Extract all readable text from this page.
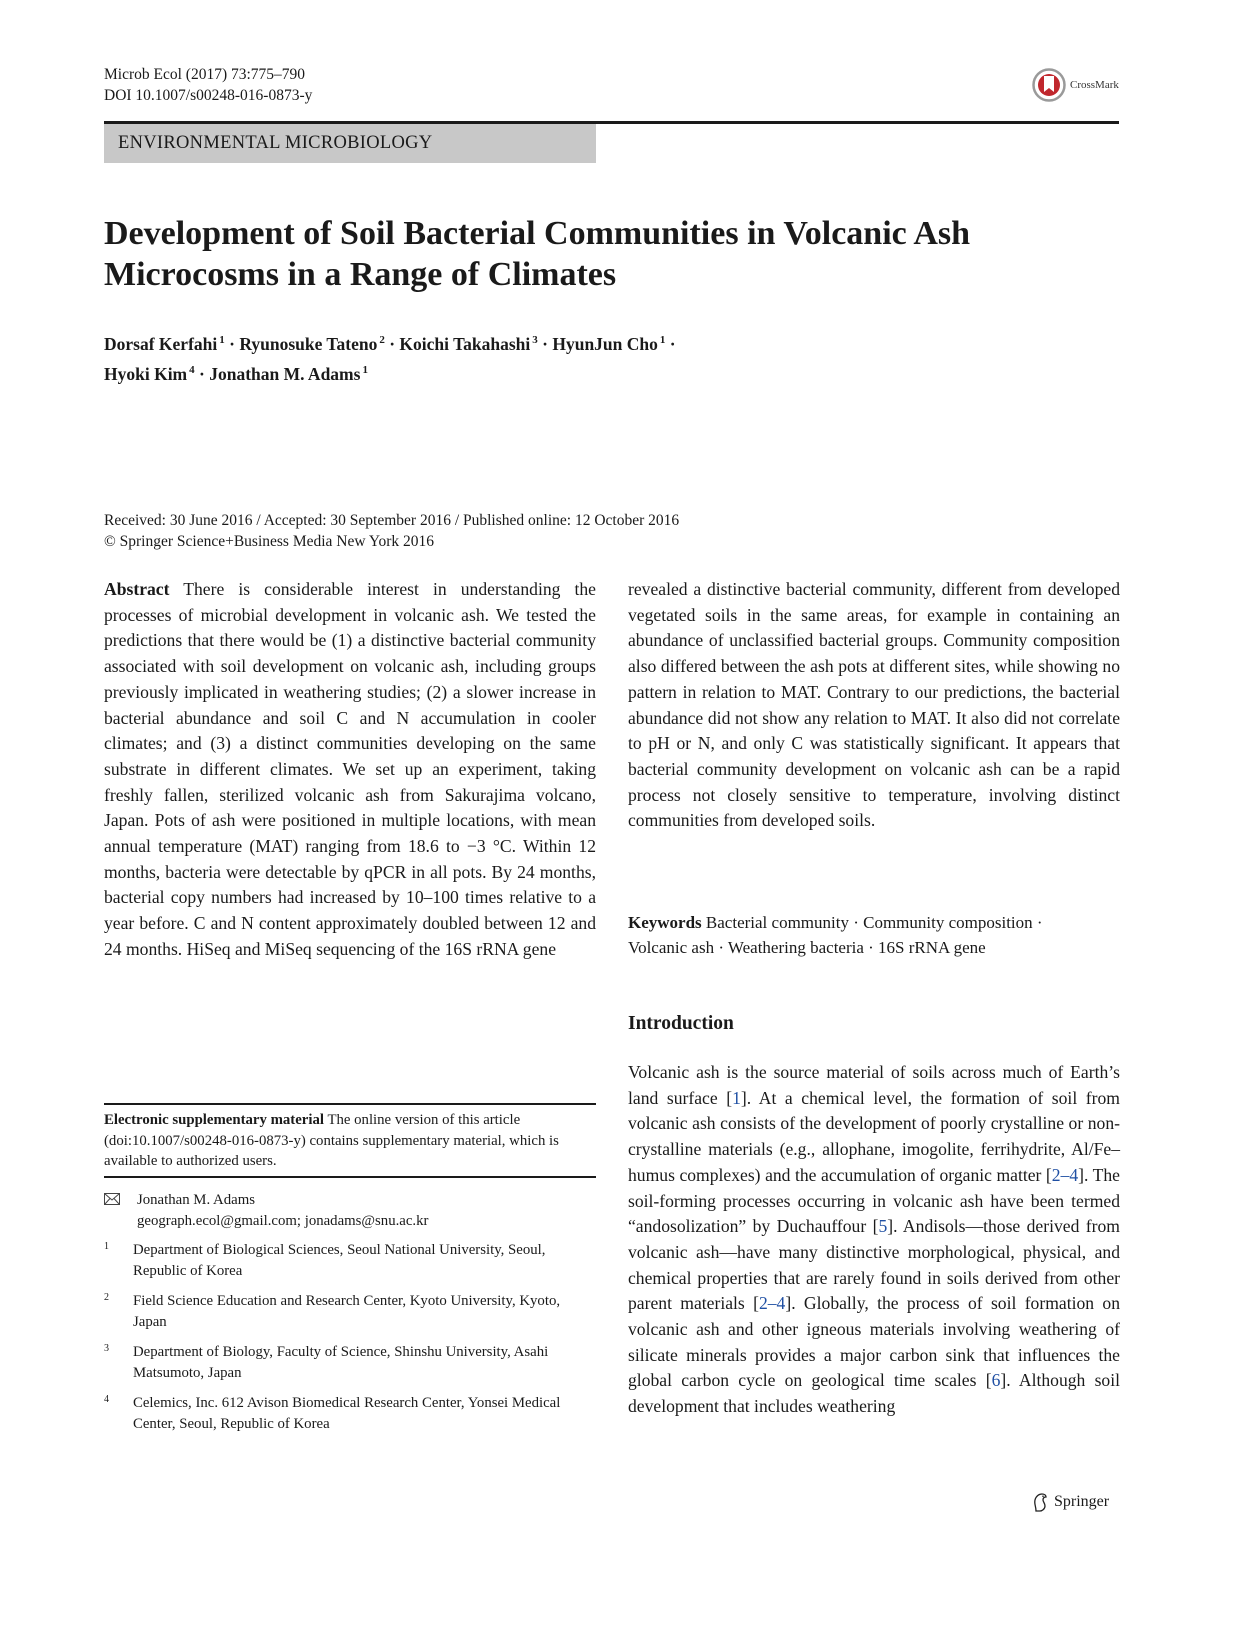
Microb Ecol (2017) 73:775–790
DOI 10.1007/s00248-016-0873-y
CrossMark
ENVIRONMENTAL MICROBIOLOGY
Development of Soil Bacterial Communities in Volcanic Ash
Microcosms in a Range of Climates
Dorsaf Kerfahi $^1$ · Ryunosuke Tateno $^2$ · Koichi Takahashi $^3$ · HyunJun Cho $^1$ ·
Hyoki Kim $^4$ · Jonathan M. Adams $^1$
Received: 30 June 2016 / Accepted: 30 September 2016 / Published online: 12 October 2016
© Springer Science+Business Media New York 2016
Abstract There is considerable interest in understanding the processes of microbial development in volcanic ash. We tested the predictions that there would be (1) a distinctive bacterial community associated with soil development on volcanic ash, including groups previously implicated in weathering studies; (2) a slower increase in bacterial abundance and soil C and N accumulation in cooler climates; and (3) a distinct communities developing on the same substrate in different climates. We set up an experiment, taking freshly fallen, sterilized volcanic ash from Sakurajima volcano, Japan. Pots of ash were positioned in multiple locations, with mean annual temperature (MAT) ranging from 18.6 to −3 °C. Within 12 months, bacteria were detectable by qPCR in all pots. By 24 months, bacterial copy numbers had increased by 10–100 times relative to a year before. C and N content approximately doubled between 12 and 24 months. HiSeq and MiSeq sequencing of the 16S rRNA gene
revealed a distinctive bacterial community, different from developed vegetated soils in the same areas, for example in containing an abundance of unclassified bacterial groups. Community composition also differed between the ash pots at different sites, while showing no pattern in relation to MAT. Contrary to our predictions, the bacterial abundance did not show any relation to MAT. It also did not correlate to pH or N, and only C was statistically significant. It appears that bacterial community development on volcanic ash can be a rapid process not closely sensitive to temperature, involving distinct communities from developed soils.
Keywords Bacterial community · Community composition ·
Volcanic ash · Weathering bacteria · 16S rRNA gene
Introduction
Volcanic ash is the source material of soils across much of Earth’s land surface [1]. At a chemical level, the formation of soil from volcanic ash consists of the development of poorly crystalline or non-crystalline materials (e.g., allophane, imogolite, ferrihydrite, Al/Fe–humus complexes) and the accumulation of organic matter [2–4]. The soil-forming processes occurring in volcanic ash have been termed “andosolization” by Duchauffour [5]. Andisols—those derived from volcanic ash—have many distinctive morphological, physical, and chemical properties that are rarely found in soils derived from other parent materials [2–4]. Globally, the process of soil formation on volcanic ash and other igneous materials involving weathering of silicate minerals provides a major carbon sink that influences the global carbon cycle on geological time scales [6]. Although soil development that includes weathering
Electronic supplementary material The online version of this article (doi:10.1007/s00248-016-0873-y) contains supplementary material, which is available to authorized users.
Jonathan M. Adams
geograph.ecol@gmail.com; jonadams@snu.ac.kr
1 Department of Biological Sciences, Seoul National University, Seoul, Republic of Korea
2 Field Science Education and Research Center, Kyoto University, Kyoto, Japan
3 Department of Biology, Faculty of Science, Shinshu University, Asahi Matsumoto, Japan
4 Celemics, Inc. 612 Avison Biomedical Research Center, Yonsei Medical Center, Seoul, Republic of Korea
Springer
